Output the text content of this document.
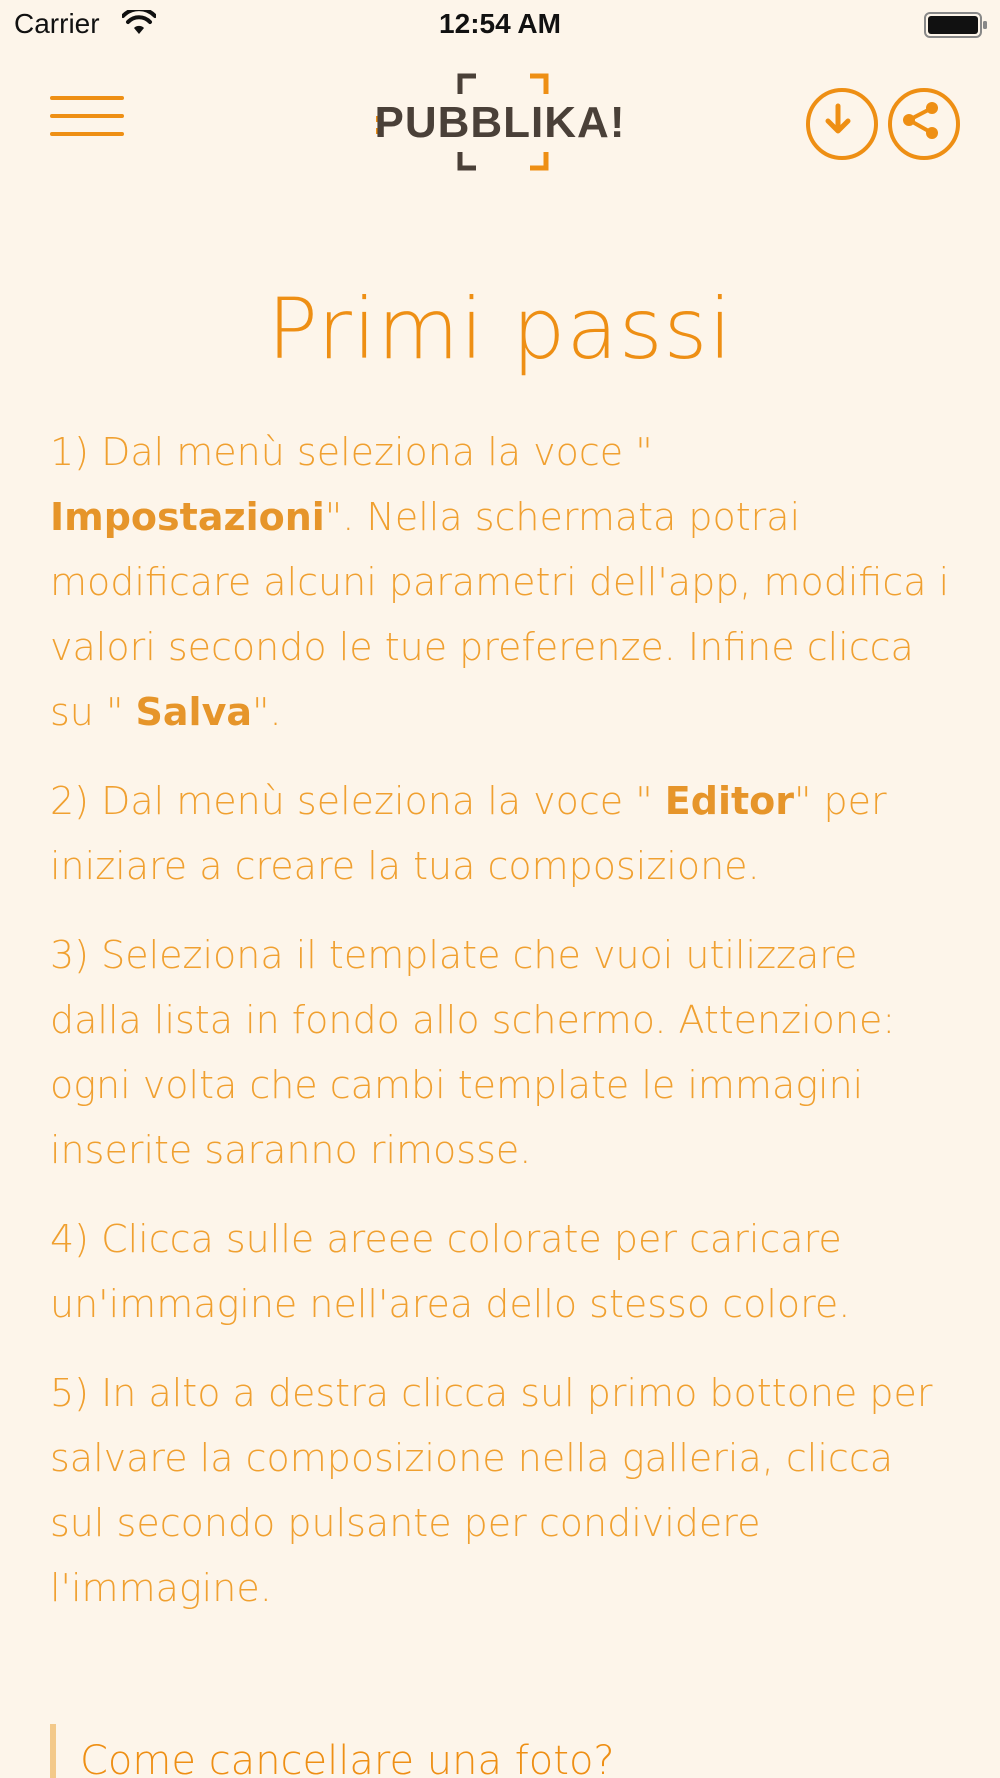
Carrier	12:54 AM
PUBBLIKA!
Primi passi

1) Dal menù seleziona la voce " Impostazioni". Nella schermata potrai modificare alcuni parametri dell'app, modifica i valori secondo le tue preferenze. Infine clicca su " Salva".

2) Dal menù seleziona la voce " Editor" per iniziare a creare la tua composizione.

3) Seleziona il template che vuoi utilizzare dalla lista in fondo allo schermo. Attenzione: ogni volta che cambi template le immagini inserite saranno rimosse.

4) Clicca sulle areee colorate per caricare un'immagine nell'area dello stesso colore.

5) In alto a destra clicca sul primo bottone per salvare la composizione nella galleria, clicca sul secondo pulsante per condividere l'immagine.

Come cancellare una foto?
